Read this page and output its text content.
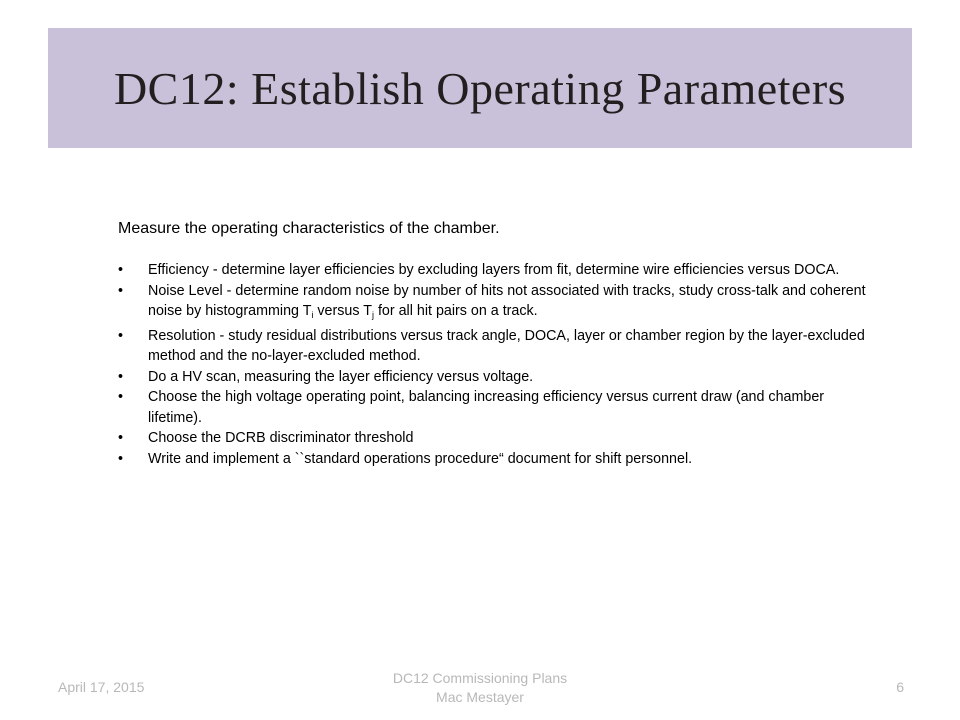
DC12: Establish Operating Parameters

Measure the operating characteristics of the chamber.

• Efficiency - determine layer efficiencies by excluding layers from fit, determine wire efficiencies versus DOCA.
• Noise Level - determine random noise by number of hits not associated with tracks, study cross-talk and coherent noise by histogramming $T_i$ versus $T_j$ for all hit pairs on a track.
• Resolution - study residual distributions versus track angle, DOCA, layer or chamber region by the layer-excluded method and the no-layer-excluded method.
• Do a HV scan, measuring the layer efficiency versus voltage.
• Choose the high voltage operating point, balancing increasing efficiency versus current draw (and chamber lifetime).
• Choose the DCRB discriminator threshold
• Write and implement a ``standard operations procedure“ document for shift personnel.
April 17, 2015
DC12 Commissioning Plans
Mac Mestayer
6
